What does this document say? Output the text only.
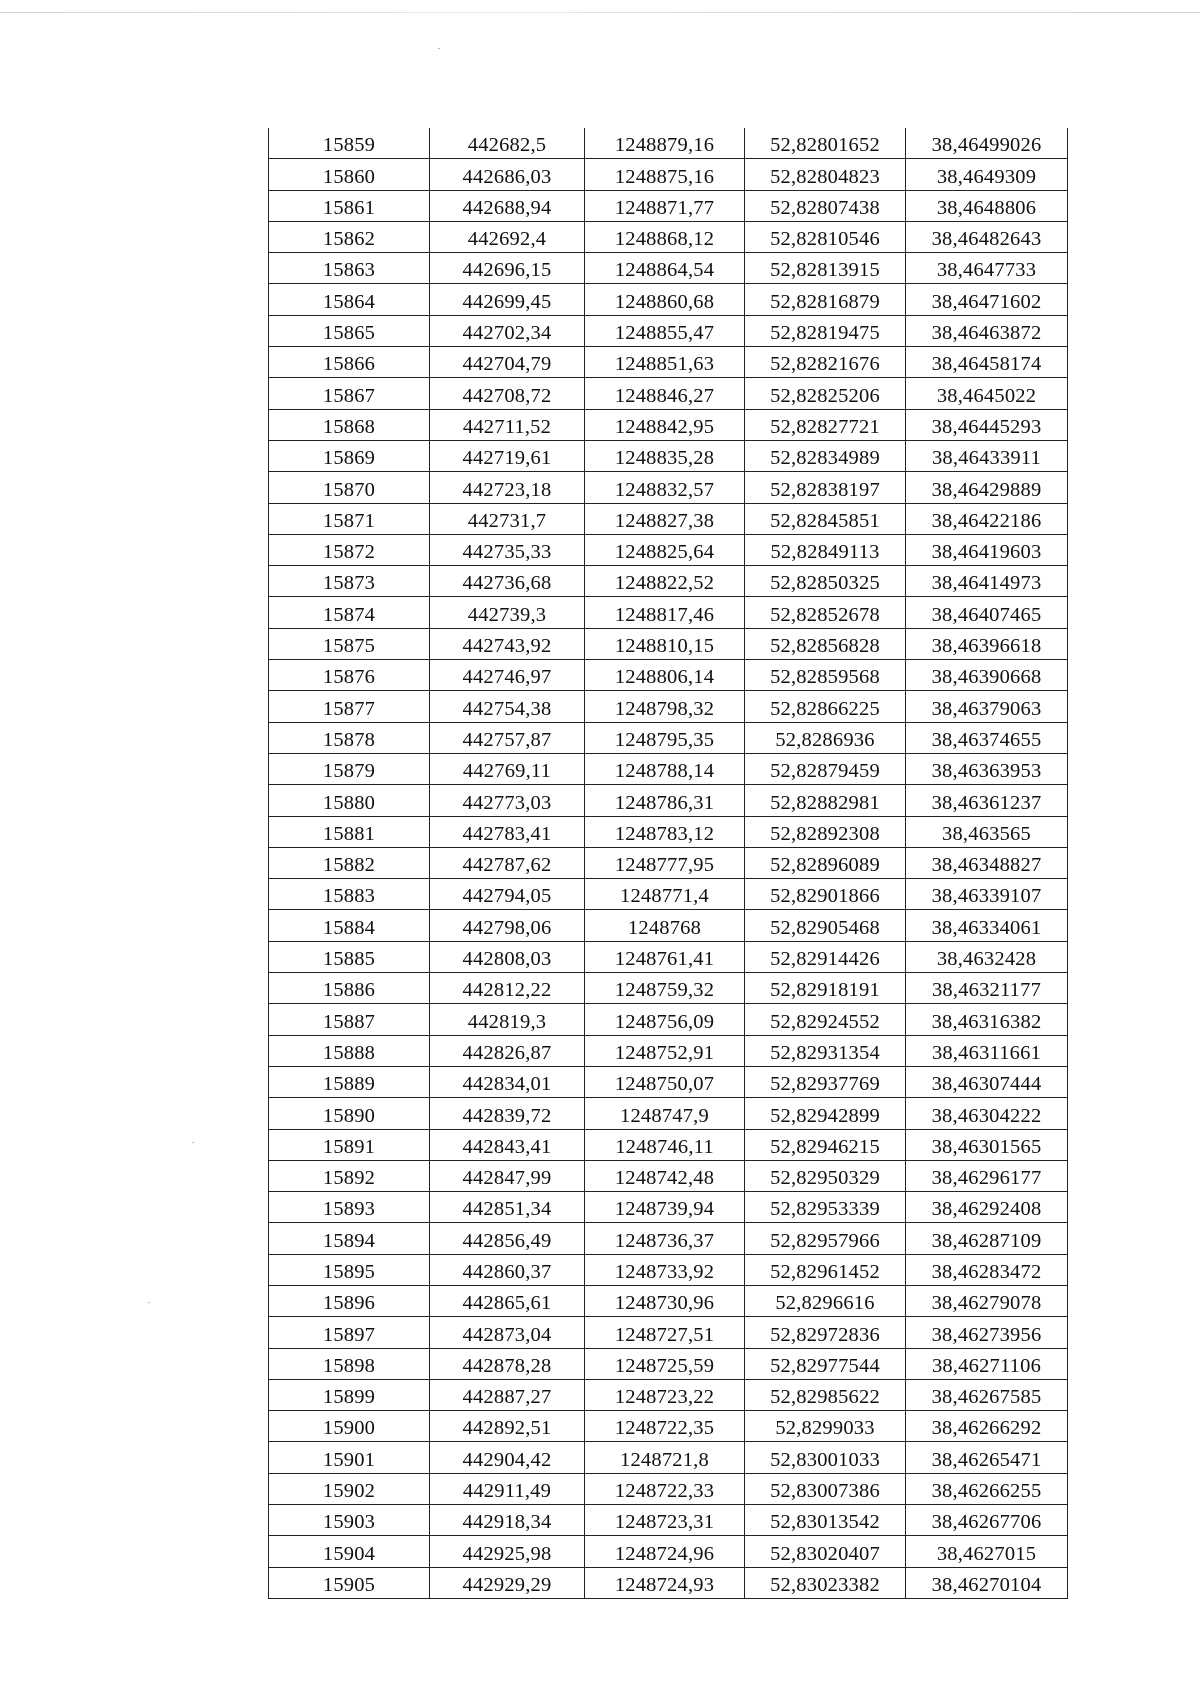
15859	442682,5	1248879,16	52,82801652	38,46499026
15860	442686,03	1248875,16	52,82804823	38,4649309
15861	442688,94	1248871,77	52,82807438	38,4648806
15862	442692,4	1248868,12	52,82810546	38,46482643
15863	442696,15	1248864,54	52,82813915	38,4647733
15864	442699,45	1248860,68	52,82816879	38,46471602
15865	442702,34	1248855,47	52,82819475	38,46463872
15866	442704,79	1248851,63	52,82821676	38,46458174
15867	442708,72	1248846,27	52,82825206	38,4645022
15868	442711,52	1248842,95	52,82827721	38,46445293
15869	442719,61	1248835,28	52,82834989	38,46433911
15870	442723,18	1248832,57	52,82838197	38,46429889
15871	442731,7	1248827,38	52,82845851	38,46422186
15872	442735,33	1248825,64	52,82849113	38,46419603
15873	442736,68	1248822,52	52,82850325	38,46414973
15874	442739,3	1248817,46	52,82852678	38,46407465
15875	442743,92	1248810,15	52,82856828	38,46396618
15876	442746,97	1248806,14	52,82859568	38,46390668
15877	442754,38	1248798,32	52,82866225	38,46379063
15878	442757,87	1248795,35	52,8286936	38,46374655
15879	442769,11	1248788,14	52,82879459	38,46363953
15880	442773,03	1248786,31	52,82882981	38,46361237
15881	442783,41	1248783,12	52,82892308	38,463565
15882	442787,62	1248777,95	52,82896089	38,46348827
15883	442794,05	1248771,4	52,82901866	38,46339107
15884	442798,06	1248768	52,82905468	38,46334061
15885	442808,03	1248761,41	52,82914426	38,4632428
15886	442812,22	1248759,32	52,82918191	38,46321177
15887	442819,3	1248756,09	52,82924552	38,46316382
15888	442826,87	1248752,91	52,82931354	38,46311661
15889	442834,01	1248750,07	52,82937769	38,46307444
15890	442839,72	1248747,9	52,82942899	38,46304222
15891	442843,41	1248746,11	52,82946215	38,46301565
15892	442847,99	1248742,48	52,82950329	38,46296177
15893	442851,34	1248739,94	52,82953339	38,46292408
15894	442856,49	1248736,37	52,82957966	38,46287109
15895	442860,37	1248733,92	52,82961452	38,46283472
15896	442865,61	1248730,96	52,8296616	38,46279078
15897	442873,04	1248727,51	52,82972836	38,46273956
15898	442878,28	1248725,59	52,82977544	38,46271106
15899	442887,27	1248723,22	52,82985622	38,46267585
15900	442892,51	1248722,35	52,8299033	38,46266292
15901	442904,42	1248721,8	52,83001033	38,46265471
15902	442911,49	1248722,33	52,83007386	38,46266255
15903	442918,34	1248723,31	52,83013542	38,46267706
15904	442925,98	1248724,96	52,83020407	38,4627015
15905	442929,29	1248724,93	52,83023382	38,46270104
